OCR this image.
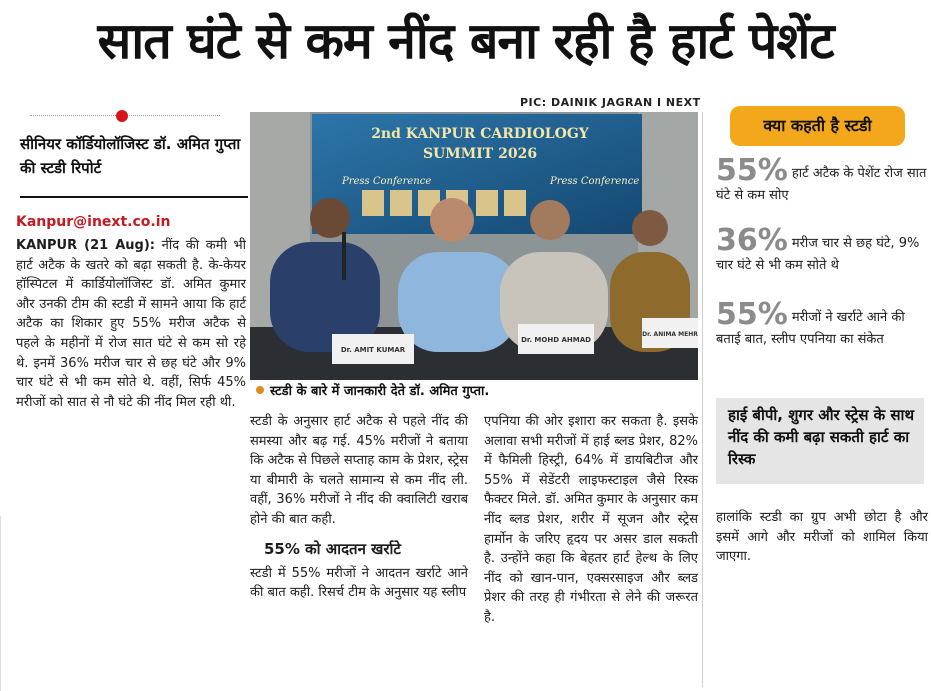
सात घंटे से कम नींद बना रही है हार्ट पेशेंट
PIC: DAINIK JAGRAN I NEXT
सीनियर कॉर्डियोलॉजिस्ट डॉ. अमित गुप्ता की स्टडी रिपोर्ट
Kanpur@inext.co.in
KANPUR (21 Aug): नींद की कमी भी हार्ट अटैक के खतरे को बढ़ा सकती है. के-केयर हॉस्पिटल में कार्डियोलॉजिस्ट डॉ. अमित कुमार और उनकी टीम की स्टडी में सामने आया कि हार्ट अटैक का शिकार हुए 55% मरीज अटैक से पहले के महीनों में रोज सात घंटे से कम सो रहे थे. इनमें 36% मरीज चार से छह घंटे और 9% चार घंटे से भी कम सोते थे. वहीं, सिर्फ 45% मरीजों को सात से नौ घंटे की नींद मिल रही थी.
2nd KANPUR CARDIOLOGY
SUMMIT 2026
Press Conference	Press Conference
Dr. AMIT KUMAR
Dr. MOHD AHMAD
Dr. ANIMA MEHR
स्टडी के बारे में जानकारी देते डॉ. अमित गुप्ता.
स्टडी के अनुसार हार्ट अटैक से पहले नींद की समस्या और बढ़ गई. 45% मरीजों ने बताया कि अटैक से पिछले सप्ताह काम के प्रेशर, स्ट्रेस या बीमारी के चलते सामान्य से कम नींद ली. वहीं, 36% मरीजों ने नींद की क्वालिटी खराब होने की बात कही.
55% को आदतन खर्राटे
स्टडी में 55% मरीजों ने आदतन खर्राटे आने की बात कही. रिसर्च टीम के अनुसार यह स्लीप
एपनिया की ओर इशारा कर सकता है. इसके अलावा सभी मरीजों में हाई ब्लड प्रेशर, 82% में फैमिली हिस्ट्री, 64% में डायबिटीज और 55% में सेडेंटरी लाइफस्टाइल जैसे रिस्क फैक्टर मिले. डॉ. अमित कुमार के अनुसार कम नींद ब्लड प्रेशर, शरीर में सूजन और स्ट्रेस हार्मोन के जरिए हृदय पर असर डाल सकती है. उन्होंने कहा कि बेहतर हार्ट हेल्थ के लिए नींद को खान-पान, एक्सरसाइज और ब्लड प्रेशर की तरह ही गंभीरता से लेने की जरूरत है.
क्या कहती है स्टडी
55% हार्ट अटैक के पेशेंट रोज सात घंटे से कम सोए
36% मरीज चार से छह घंटे, 9% चार घंटे से भी कम सोते थे
55% मरीजों ने खर्राटे आने की बताई बात, स्लीप एपनिया का संकेत
हाई बीपी, शुगर और स्ट्रेस के साथ नींद की कमी बढ़ा सकती हार्ट का रिस्क
हालांकि स्टडी का ग्रुप अभी छोटा है और इसमें आगे और मरीजों को शामिल किया जाएगा.
